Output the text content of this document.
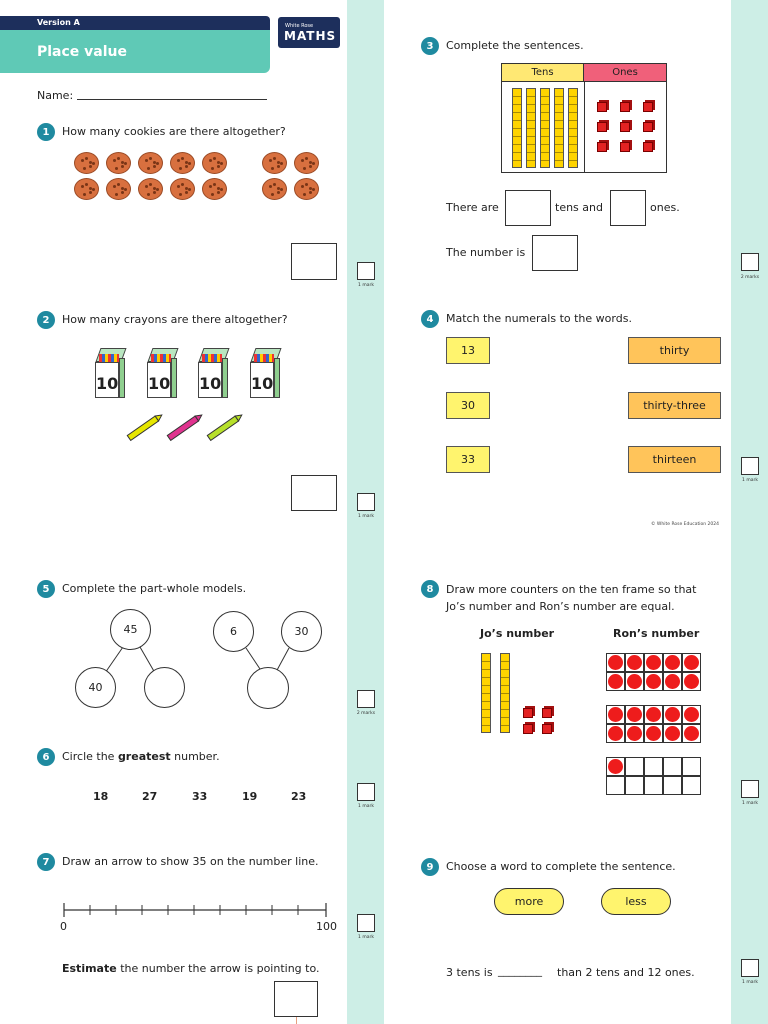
Version A
Place value
White Rose
MATHS
Name:
1	How many cookies are there altogether?
1 mark
2	How many crayons are there altogether?
10 10 10 10
1 mark
3	Complete the sentences.
Tens	Ones
There are	tens and	ones.
The number is
2 marks
4	Match the numerals to the words.
13
30
33
thirty
thirty-three
thirteen
1 mark
© White Rose Education 2024
5	Complete the part-whole models.
45
40
6	30
2 marks
6	Circle the greatest number.
18	27	33	19	23
1 mark
7	Draw an arrow to show 35 on the number line.
0	100
Estimate the number the arrow is pointing to.
1 mark
8	Draw more counters on the ten frame so that
Jo’s number and Ron’s number are equal.
Jo’s number	Ron’s number
1 mark
9	Choose a word to complete the sentence.
more	less
3 tens is ________ than 2 tens and 12 ones.
1 mark
